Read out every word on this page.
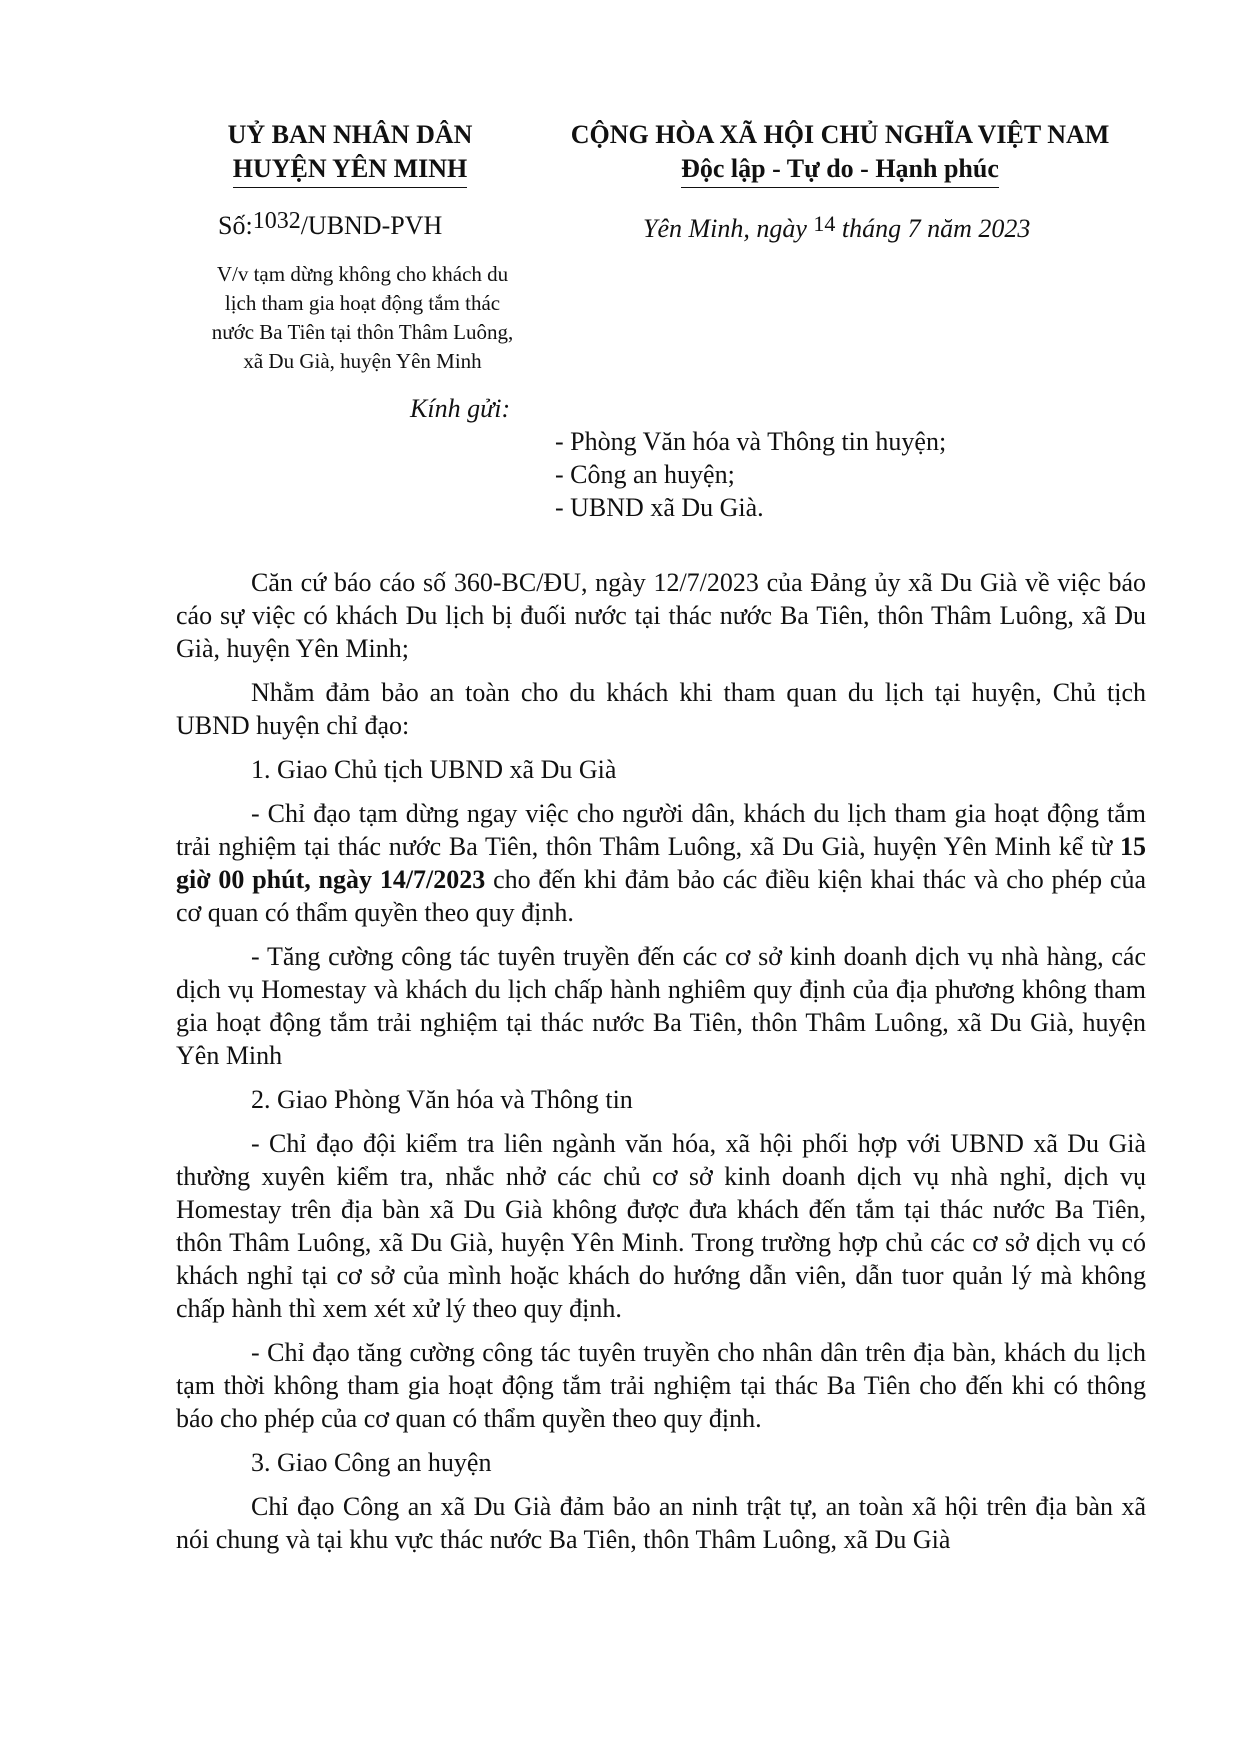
UỶ BAN NHÂN DÂN
HUYỆN YÊN MINH
CỘNG HÒA XÃ HỘI CHỦ NGHĨA VIỆT NAM
Độc lập - Tự do - Hạnh phúc
Số:1032/UBND-PVH	Yên Minh, ngày $^{14}$ tháng 7 năm 2023
V/v tạm dừng không cho khách du
lịch tham gia hoạt động tắm thác
nước Ba Tiên tại thôn Thâm Luông,
xã Du Già, huyện Yên Minh
Kính gửi:
- Phòng Văn hóa và Thông tin huyện;
- Công an huyện;
- UBND xã Du Già.

Căn cứ báo cáo số 360-BC/ĐU, ngày 12/7/2023 của Đảng ủy xã Du Già về việc báo cáo sự việc có khách Du lịch bị đuối nước tại thác nước Ba Tiên, thôn Thâm Luông, xã Du Già, huyện Yên Minh;

Nhằm đảm bảo an toàn cho du khách khi tham quan du lịch tại huyện, Chủ tịch UBND huyện chỉ đạo:

1. Giao Chủ tịch UBND xã Du Già

- Chỉ đạo tạm dừng ngay việc cho người dân, khách du lịch tham gia hoạt động tắm trải nghiệm tại thác nước Ba Tiên, thôn Thâm Luông, xã Du Già, huyện Yên Minh kể từ 15 giờ 00 phút, ngày 14/7/2023 cho đến khi đảm bảo các điều kiện khai thác và cho phép của cơ quan có thẩm quyền theo quy định.

- Tăng cường công tác tuyên truyền đến các cơ sở kinh doanh dịch vụ nhà hàng, các dịch vụ Homestay và khách du lịch chấp hành nghiêm quy định của địa phương không tham gia hoạt động tắm trải nghiệm tại thác nước Ba Tiên, thôn Thâm Luông, xã Du Già, huyện Yên Minh

2. Giao Phòng Văn hóa và Thông tin

- Chỉ đạo đội kiểm tra liên ngành văn hóa, xã hội phối hợp với UBND xã Du Già thường xuyên kiểm tra, nhắc nhở các chủ cơ sở kinh doanh dịch vụ nhà nghỉ, dịch vụ Homestay trên địa bàn xã Du Già không được đưa khách đến tắm tại thác nước Ba Tiên, thôn Thâm Luông, xã Du Già, huyện Yên Minh. Trong trường hợp chủ các cơ sở dịch vụ có khách nghỉ tại cơ sở của mình hoặc khách do hướng dẫn viên, dẫn tuor quản lý mà không chấp hành thì xem xét xử lý theo quy định.

- Chỉ đạo tăng cường công tác tuyên truyền cho nhân dân trên địa bàn, khách du lịch tạm thời không tham gia hoạt động tắm trải nghiệm tại thác Ba Tiên cho đến khi có thông báo cho phép của cơ quan có thẩm quyền theo quy định.

3. Giao Công an huyện

Chỉ đạo Công an xã Du Già đảm bảo an ninh trật tự, an toàn xã hội trên địa bàn xã nói chung và tại khu vực thác nước Ba Tiên, thôn Thâm Luông, xã Du Già
